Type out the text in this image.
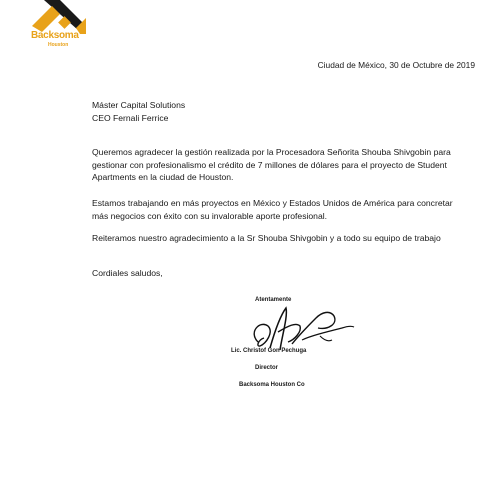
Backsoma
Houston
Ciudad de México, 30 de Octubre de 2019
Máster Capital Solutions
CEO Fernali Ferrice

Queremos agradecer la gestión realizada por la Procesadora Señorita Shouba Shivgobin para gestionar con profesionalismo el crédito de 7 millones de dólares para el proyecto de Student Apartments en la ciudad de Houston.

Estamos trabajando en más proyectos en México y Estados Unidos de América para concretar más negocios con éxito con su invalorable aporte profesional.

Reiteramos nuestro agradecimiento a la Sr Shouba Shivgobin y a todo su equipo de trabajo

Cordiales saludos,
Atentamente
Lic. Christof Gon Pechuga
Director
Backsoma Houston Co
